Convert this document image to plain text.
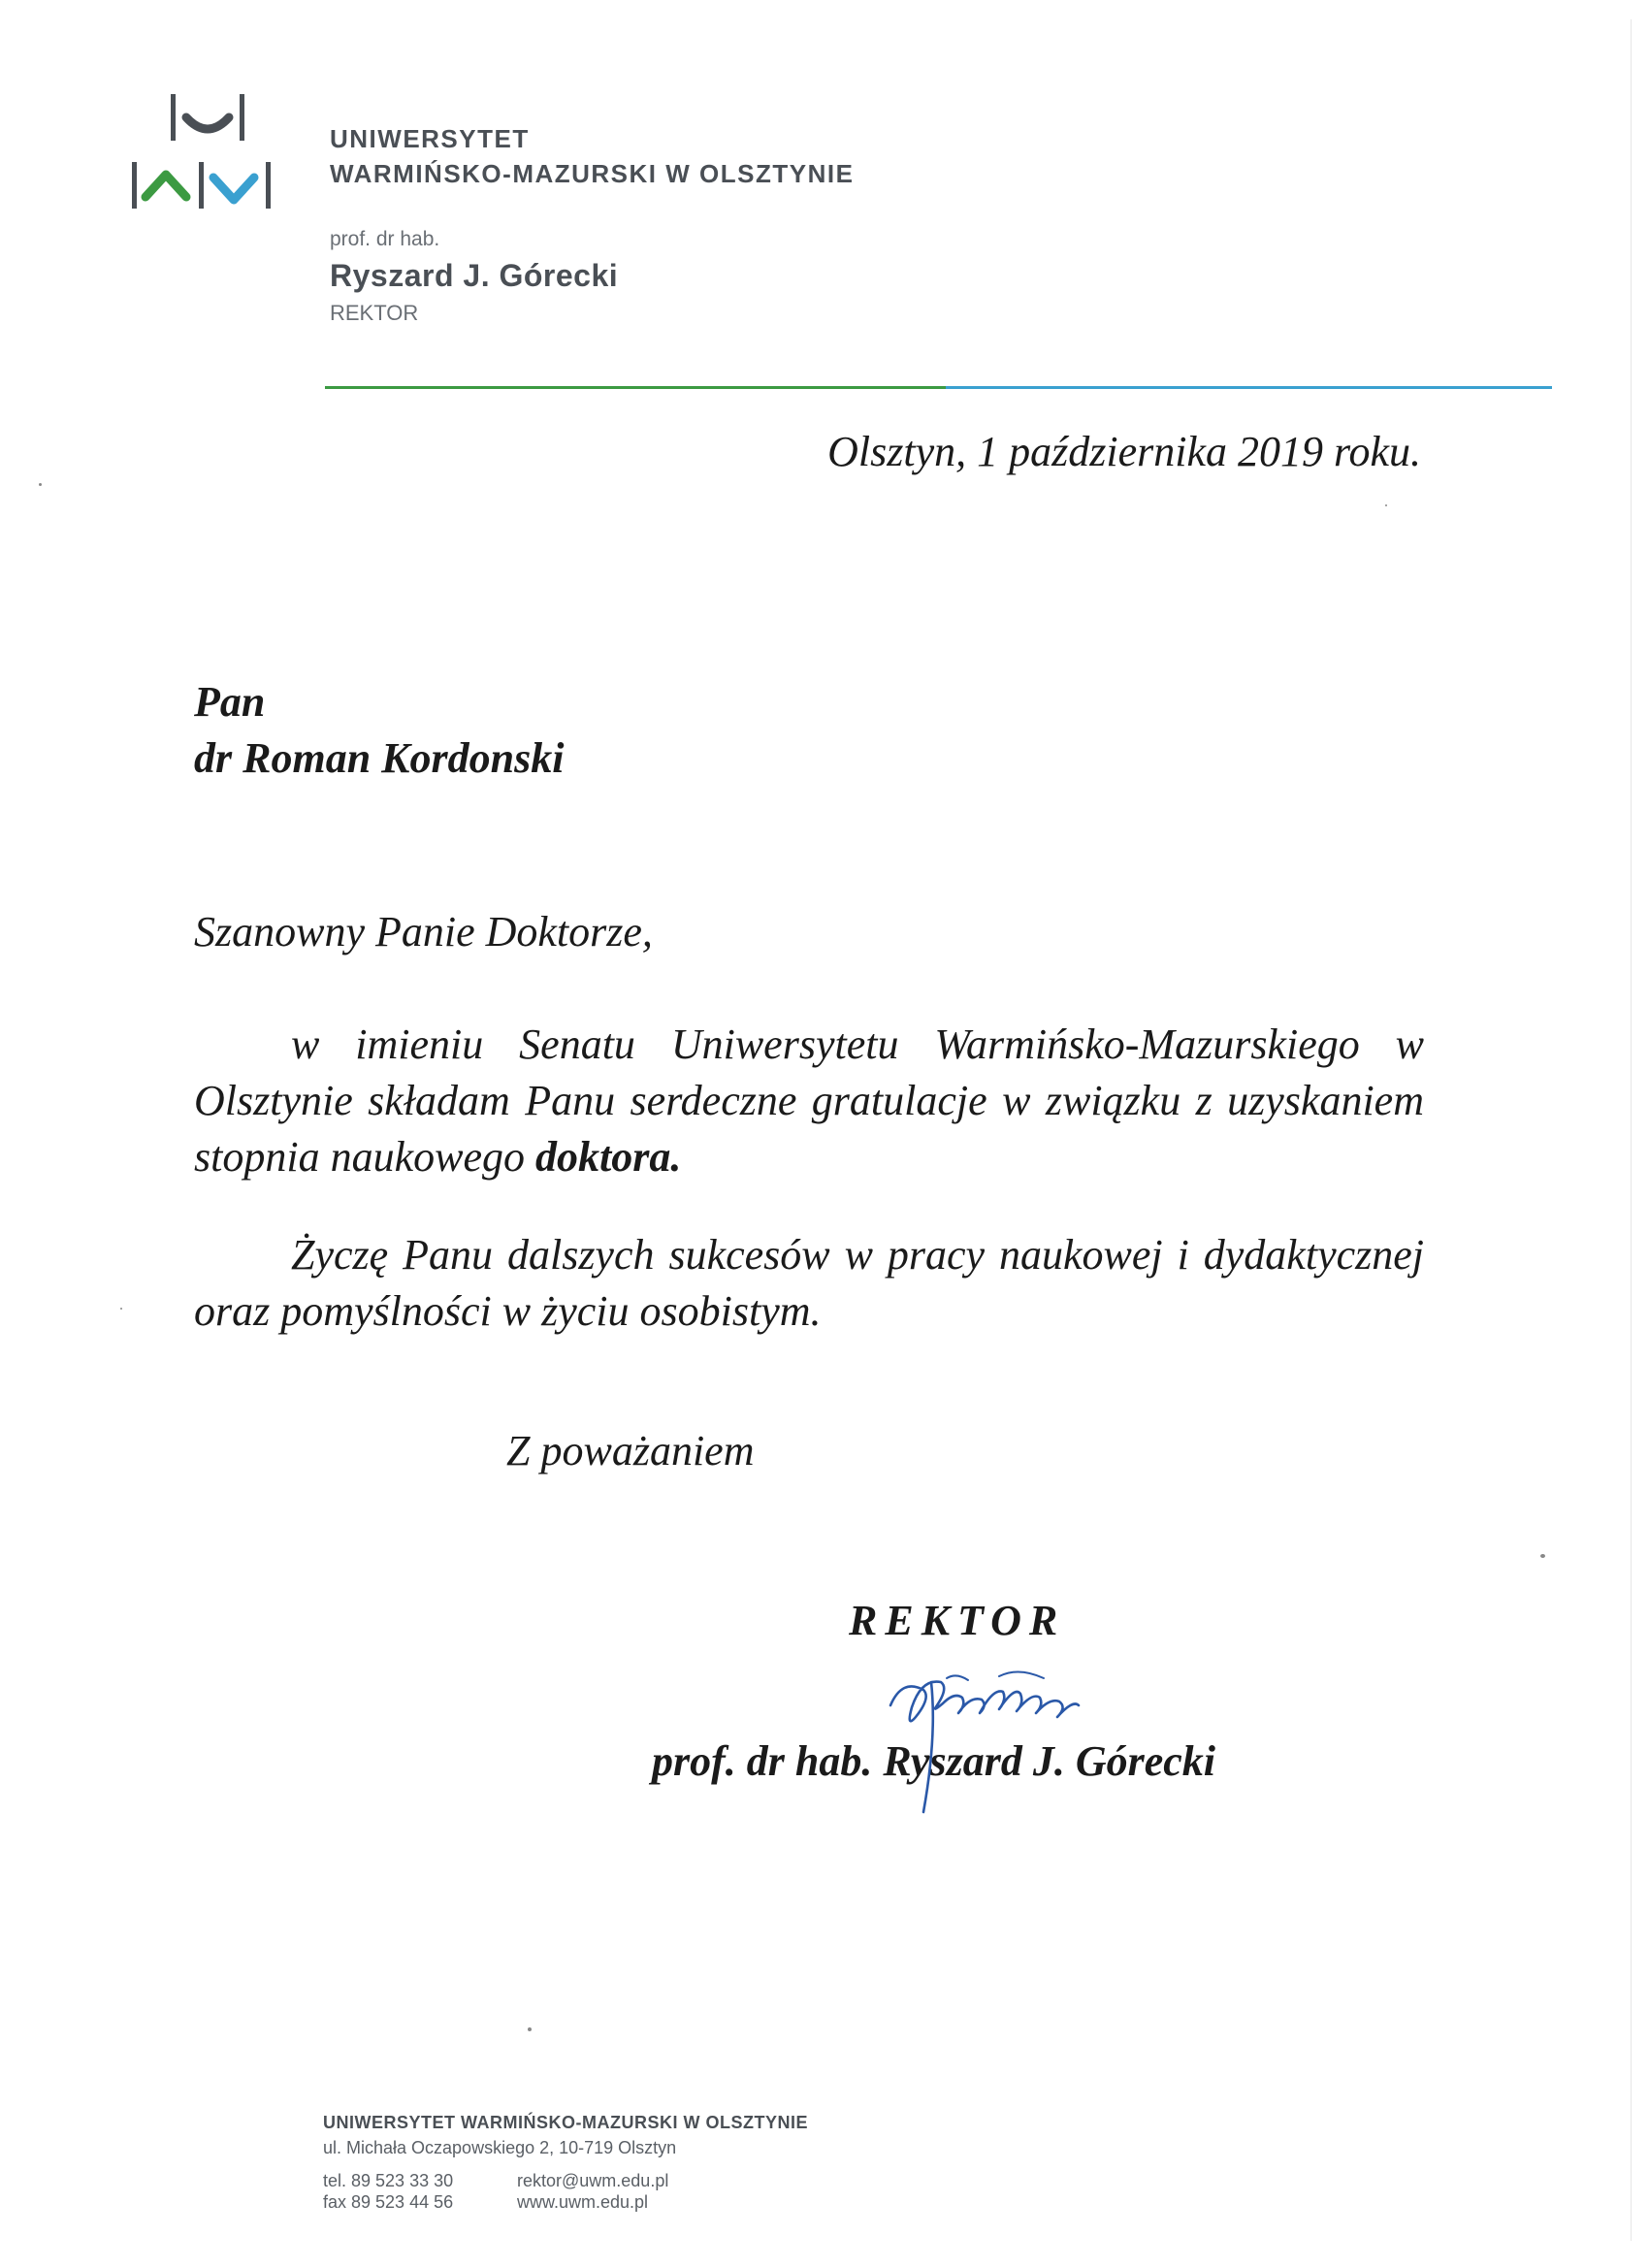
UNIWERSYTET
WARMIŃSKO-MAZURSKI W OLSZTYNIE
prof. dr hab.
Ryszard J. Górecki
REKTOR
Olsztyn, 1 października 2019 roku.
Pan
dr Roman Kordonski
Szanowny Panie Doktorze,
w imieniu Senatu Uniwersytetu Warmińsko-Mazurskiego w Olsztynie składam Panu serdeczne gratulacje w związku z uzyskaniem stopnia naukowego doktora.
Życzę Panu dalszych sukcesów w pracy naukowej i dydaktycznej oraz pomyślności w życiu osobistym.
Z poważaniem
REKTOR
prof. dr hab. Ryszard J. Górecki
UNIWERSYTET WARMIŃSKO-MAZURSKI W OLSZTYNIE
ul. Michała Oczapowskiego 2, 10-719 Olsztyn
tel. 89 523 33 30	rektor@uwm.edu.pl
fax 89 523 44 56	www.uwm.edu.pl
